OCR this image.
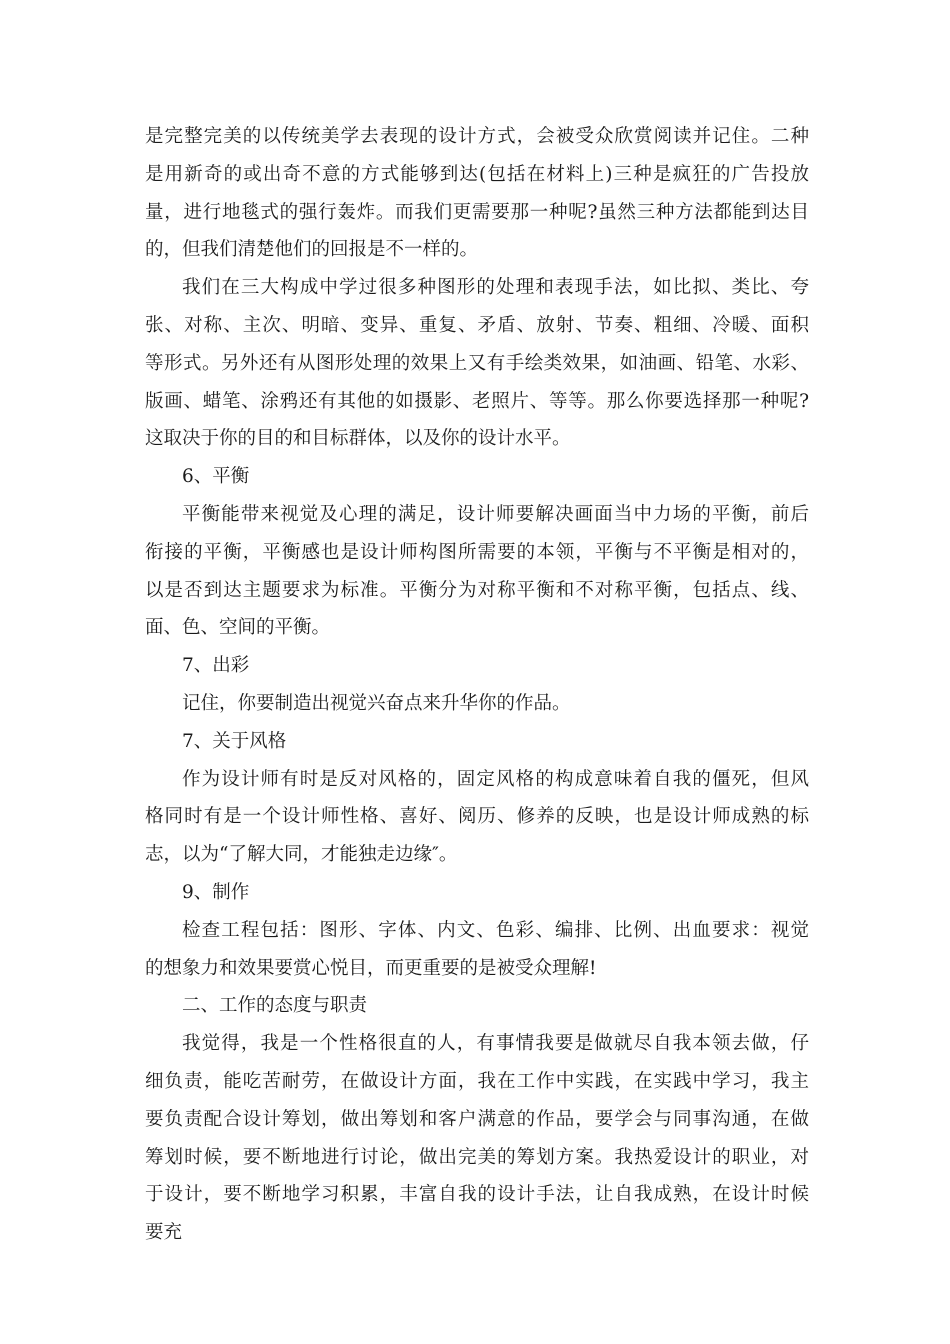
是完整完美的以传统美学去表现的设计方式，会被受众欣赏阅读并记住。二种
是用新奇的或出奇不意的方式能够到达(包括在材料上)三种是疯狂的广告投放
量，进行地毯式的强行轰炸。而我们更需要那一种呢?虽然三种方法都能到达目
的，但我们清楚他们的回报是不一样的。
我们在三大构成中学过很多种图形的处理和表现手法，如比拟、类比、夸
张、对称、主次、明暗、变异、重复、矛盾、放射、节奏、粗细、冷暖、面积
等形式。另外还有从图形处理的效果上又有手绘类效果，如油画、铅笔、水彩、
版画、蜡笔、涂鸦还有其他的如摄影、老照片、等等。那么你要选择那一种呢?
这取决于你的目的和目标群体，以及你的设计水平。
6、平衡
平衡能带来视觉及心理的满足，设计师要解决画面当中力场的平衡，前后
衔接的平衡，平衡感也是设计师构图所需要的本领，平衡与不平衡是相对的，
以是否到达主题要求为标准。平衡分为对称平衡和不对称平衡，包括点、线、
面、色、空间的平衡。
7、出彩
记住，你要制造出视觉兴奋点来升华你的作品。
7、关于风格
作为设计师有时是反对风格的，固定风格的构成意味着自我的僵死，但风
格同时有是一个设计师性格、喜好、阅历、修养的反映，也是设计师成熟的标
志，以为“了解大同，才能独走边缘″。
9、制作
检查工程包括：图形、字体、内文、色彩、编排、比例、出血要求：视觉
的想象力和效果要赏心悦目，而更重要的是被受众理解!
二、工作的态度与职责
我觉得，我是一个性格很直的人，有事情我要是做就尽自我本领去做，仔
细负责，能吃苦耐劳，在做设计方面，我在工作中实践，在实践中学习，我主
要负责配合设计筹划，做出筹划和客户满意的作品，要学会与同事沟通，在做
筹划时候，要不断地进行讨论，做出完美的筹划方案。我热爱设计的职业，对
于设计，要不断地学习积累，丰富自我的设计手法，让自我成熟，在设计时候
要充
